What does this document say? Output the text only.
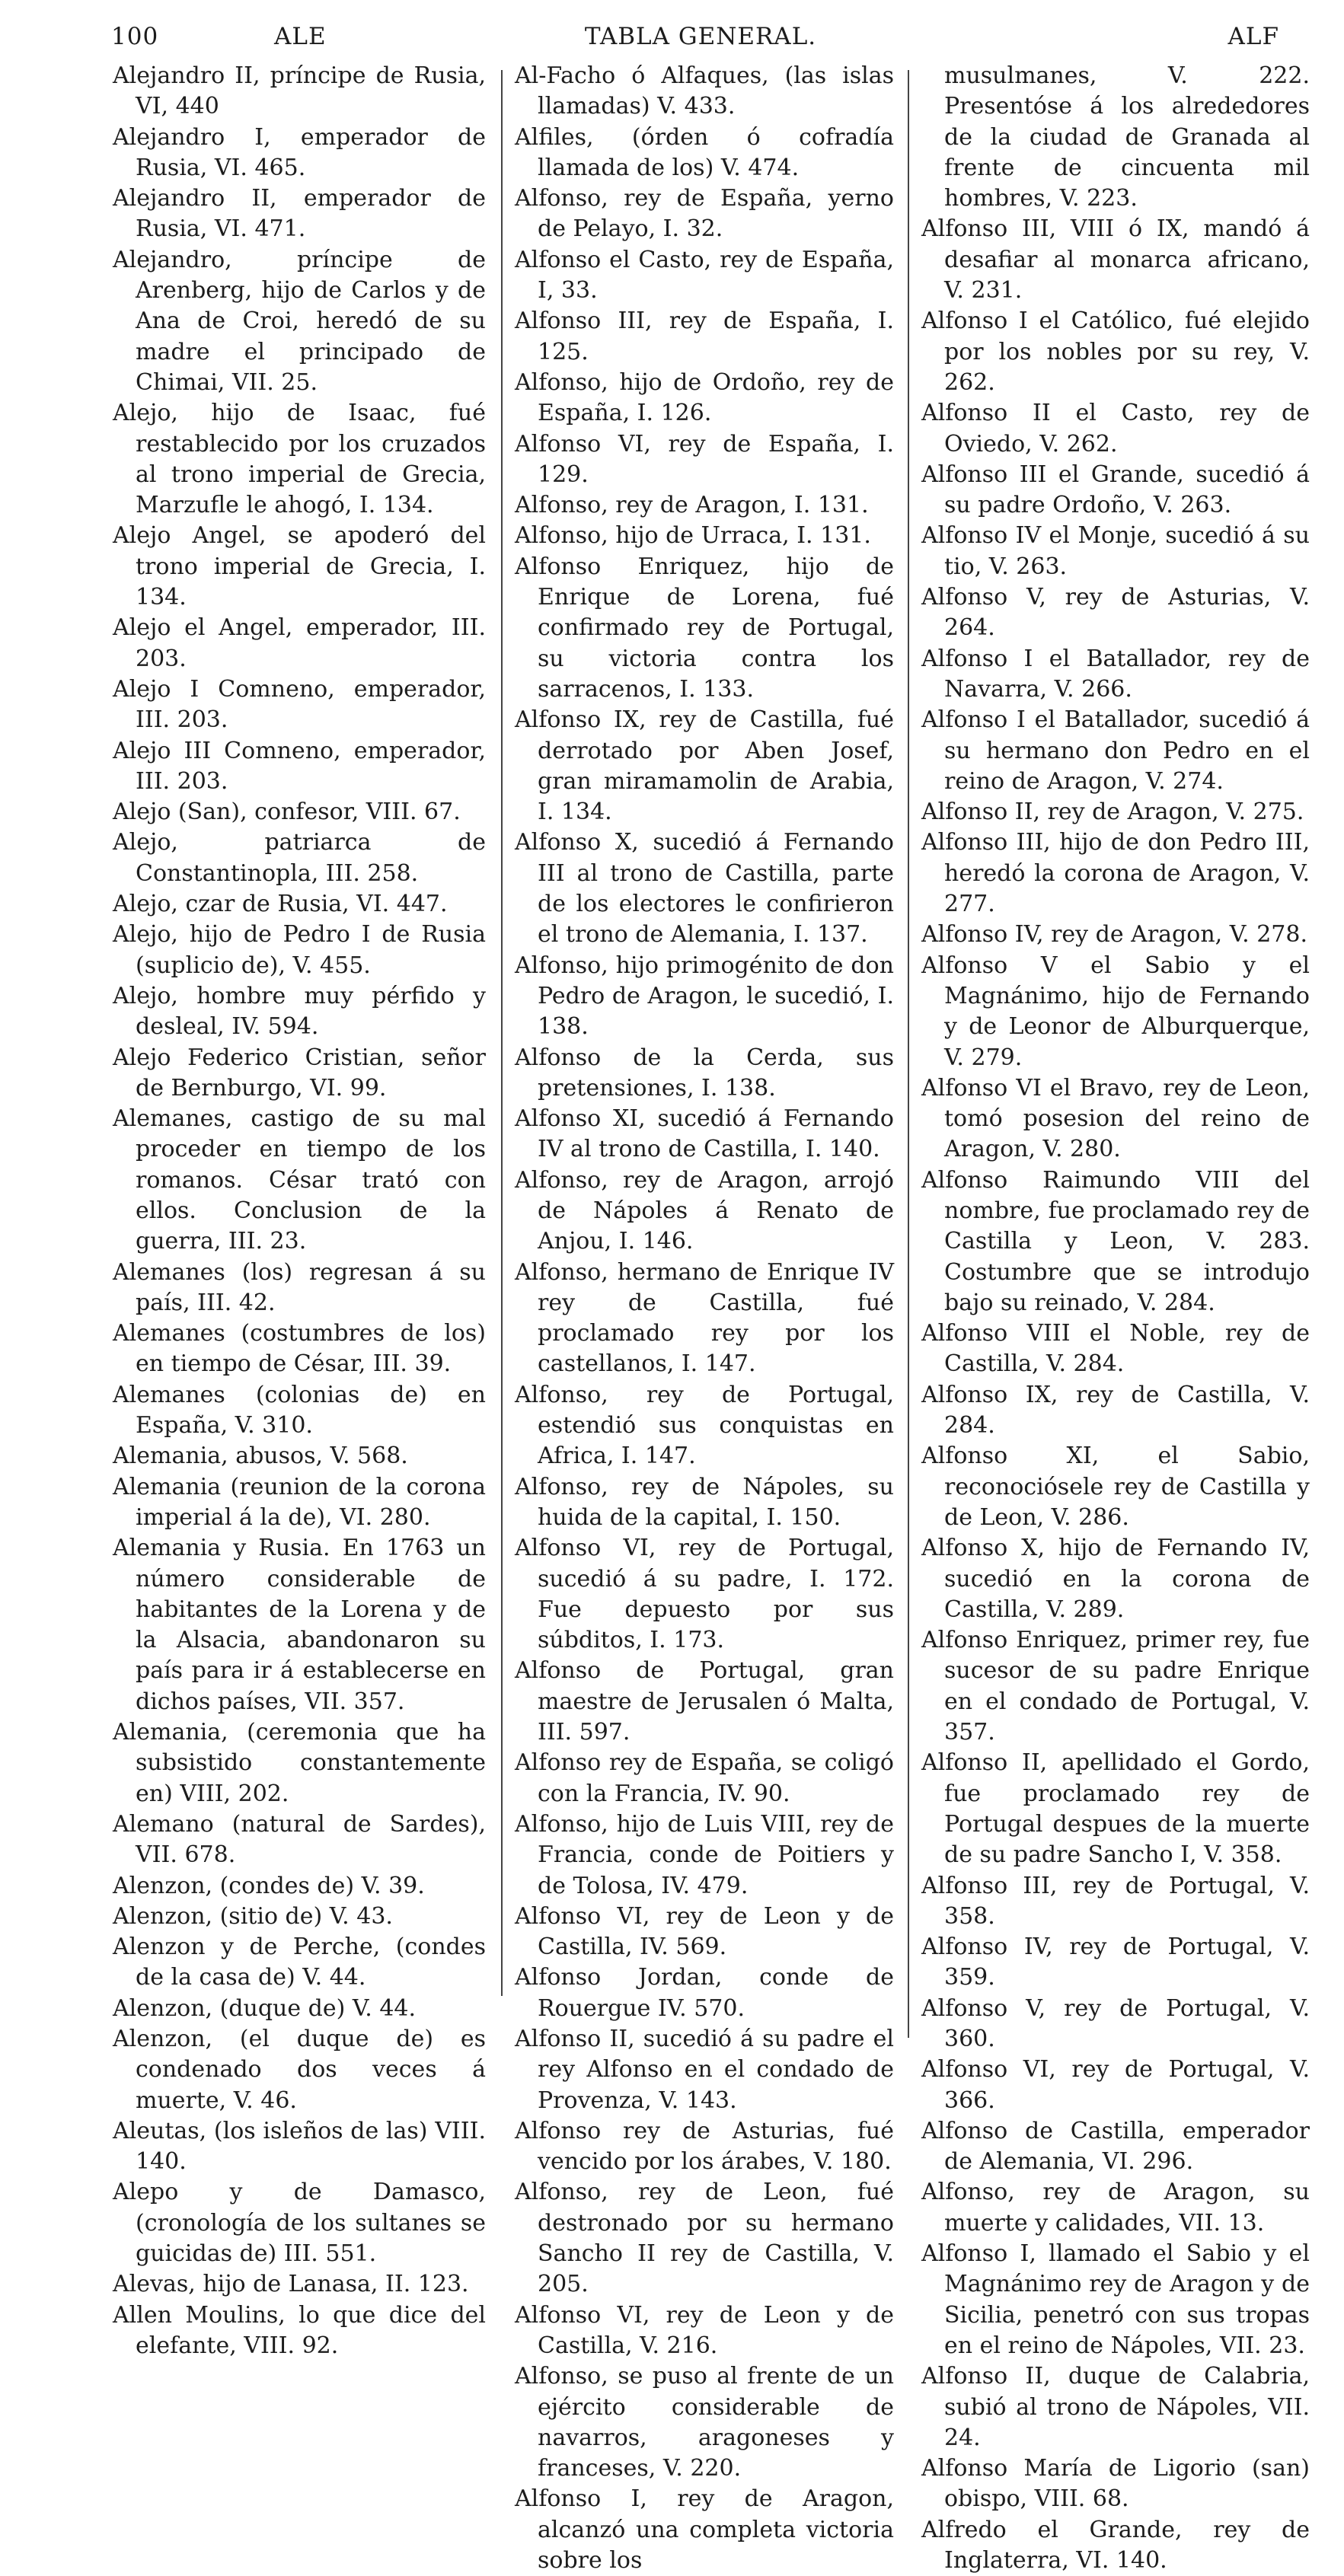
100	ALE	TABLA GENERAL.	ALF

Alejandro II, príncipe de Rusia, VI, 440

Alejandro I, emperador de Rusia, VI. 465.

Alejandro II, emperador de Rusia, VI. 471.

Alejandro, príncipe de Arenberg, hijo de Carlos y de Ana de Croi, heredó de su madre el principado de Chimai, VII. 25.

Alejo, hijo de Isaac, fué restablecido por los cruzados al trono imperial de Grecia, Marzufle le ahogó, I. 134.

Alejo Angel, se apoderó del trono imperial de Grecia, I. 134.

Alejo el Angel, emperador, III. 203.

Alejo I Comneno, emperador, III. 203.

Alejo III Comneno, emperador, III. 203.

Alejo (San), confesor, VIII. 67.

Alejo, patriarca de Constantinopla, III. 258.

Alejo, czar de Rusia, VI. 447.

Alejo, hijo de Pedro I de Rusia (suplicio de), V. 455.

Alejo, hombre muy pérfido y desleal, IV. 594.

Alejo Federico Cristian, señor de Bernburgo, VI. 99.

Alemanes, castigo de su mal proceder en tiempo de los romanos. César trató con ellos. Conclusion de la guerra, III. 23.

Alemanes (los) regresan á su país, III. 42.

Alemanes (costumbres de los) en tiempo de César, III. 39.

Alemanes (colonias de) en España, V. 310.

Alemania, abusos, V. 568.

Alemania (reunion de la corona imperial á la de), VI. 280.

Alemania y Rusia. En 1763 un número considerable de habitantes de la Lorena y de la Alsacia, abandonaron su país para ir á establecerse en dichos países, VII. 357.

Alemania, (ceremonia que ha subsistido constantemente en) VIII, 202.

Alemano (natural de Sardes), VII. 678.

Alenzon, (condes de) V. 39.

Alenzon, (sitio de) V. 43.

Alenzon y de Perche, (condes de la casa de) V. 44.

Alenzon, (duque de) V. 44.

Alenzon, (el duque de) es condenado dos veces á muerte, V. 46.

Aleutas, (los isleños de las) VIII. 140.

Alepo y de Damasco, (cronología de los sultanes se guicidas de) III. 551.

Alevas, hijo de Lanasa, II. 123.

Allen Moulins, lo que dice del elefante, VIII. 92.

Al-Facho ó Alfaques, (las islas llamadas) V. 433.

Alfiles, (órden ó cofradía llamada de los) V. 474.

Alfonso, rey de España, yerno de Pelayo, I. 32.

Alfonso el Casto, rey de España, I, 33.

Alfonso III, rey de España, I. 125.

Alfonso, hijo de Ordoño, rey de España, I. 126.

Alfonso VI, rey de España, I. 129.

Alfonso, rey de Aragon, I. 131.

Alfonso, hijo de Urraca, I. 131.

Alfonso Enriquez, hijo de Enrique de Lorena, fué confirmado rey de Portugal, su victoria contra los sarracenos, I. 133.

Alfonso IX, rey de Castilla, fué derrotado por Aben Josef, gran miramamolin de Arabia, I. 134.

Alfonso X, sucedió á Fernando III al trono de Castilla, parte de los electores le confirieron el trono de Alemania, I. 137.

Alfonso, hijo primogénito de don Pedro de Aragon, le sucedió, I. 138.

Alfonso de la Cerda, sus pretensiones, I. 138.

Alfonso XI, sucedió á Fernando IV al trono de Castilla, I. 140.

Alfonso, rey de Aragon, arrojó de Nápoles á Renato de Anjou, I. 146.

Alfonso, hermano de Enrique IV rey de Castilla, fué proclamado rey por los castellanos, I. 147.

Alfonso, rey de Portugal, estendió sus conquistas en Africa, I. 147.

Alfonso, rey de Nápoles, su huida de la capital, I. 150.

Alfonso VI, rey de Portugal, sucedió á su padre, I. 172. Fue depuesto por sus súbditos, I. 173.

Alfonso de Portugal, gran maestre de Jerusalen ó Malta, III. 597.

Alfonso rey de España, se coligó con la Francia, IV. 90.

Alfonso, hijo de Luis VIII, rey de Francia, conde de Poitiers y de Tolosa, IV. 479.

Alfonso VI, rey de Leon y de Castilla, IV. 569.

Alfonso Jordan, conde de Rouergue IV. 570.

Alfonso II, sucedió á su padre el rey Alfonso en el condado de Provenza, V. 143.

Alfonso rey de Asturias, fué vencido por los árabes, V. 180.

Alfonso, rey de Leon, fué destronado por su hermano Sancho II rey de Castilla, V. 205.

Alfonso VI, rey de Leon y de Castilla, V. 216.

Alfonso, se puso al frente de un ejército considerable de navarros, aragoneses y franceses, V. 220.

Alfonso I, rey de Aragon, alcanzó una completa victoria sobre los

musulmanes, V. 222. Presentóse á los alrededores de la ciudad de Granada al frente de cincuenta mil hombres, V. 223.

Alfonso III, VIII ó IX, mandó á desafiar al monarca africano, V. 231.

Alfonso I el Católico, fué elejido por los nobles por su rey, V. 262.

Alfonso II el Casto, rey de Oviedo, V. 262.

Alfonso III el Grande, sucedió á su padre Ordoño, V. 263.

Alfonso IV el Monje, sucedió á su tio, V. 263.

Alfonso V, rey de Asturias, V. 264.

Alfonso I el Batallador, rey de Navarra, V. 266.

Alfonso I el Batallador, sucedió á su hermano don Pedro en el reino de Aragon, V. 274.

Alfonso II, rey de Aragon, V. 275.

Alfonso III, hijo de don Pedro III, heredó la corona de Aragon, V. 277.

Alfonso IV, rey de Aragon, V. 278.

Alfonso V el Sabio y el Magnánimo, hijo de Fernando y de Leonor de Alburquerque, V. 279.

Alfonso VI el Bravo, rey de Leon, tomó posesion del reino de Aragon, V. 280.

Alfonso Raimundo VIII del nombre, fue proclamado rey de Castilla y Leon, V. 283. Costumbre que se introdujo bajo su reinado, V. 284.

Alfonso VIII el Noble, rey de Castilla, V. 284.

Alfonso IX, rey de Castilla, V. 284.

Alfonso XI, el Sabio, reconociósele rey de Castilla y de Leon, V. 286.

Alfonso X, hijo de Fernando IV, sucedió en la corona de Castilla, V. 289.

Alfonso Enriquez, primer rey, fue sucesor de su padre Enrique en el condado de Portugal, V. 357.

Alfonso II, apellidado el Gordo, fue proclamado rey de Portugal despues de la muerte de su padre Sancho I, V. 358.

Alfonso III, rey de Portugal, V. 358.

Alfonso IV, rey de Portugal, V. 359.

Alfonso V, rey de Portugal, V. 360.

Alfonso VI, rey de Portugal, V. 366.

Alfonso de Castilla, emperador de Alemania, VI. 296.

Alfonso, rey de Aragon, su muerte y calidades, VII. 13.

Alfonso I, llamado el Sabio y el Magnánimo rey de Aragon y de Sicilia, penetró con sus tropas en el reino de Nápoles, VII. 23.

Alfonso II, duque de Calabria, subió al trono de Nápoles, VII. 24.

Alfonso María de Ligorio (san) obispo, VIII. 68.

Alfredo el Grande, rey de Inglaterra, VI. 140.
